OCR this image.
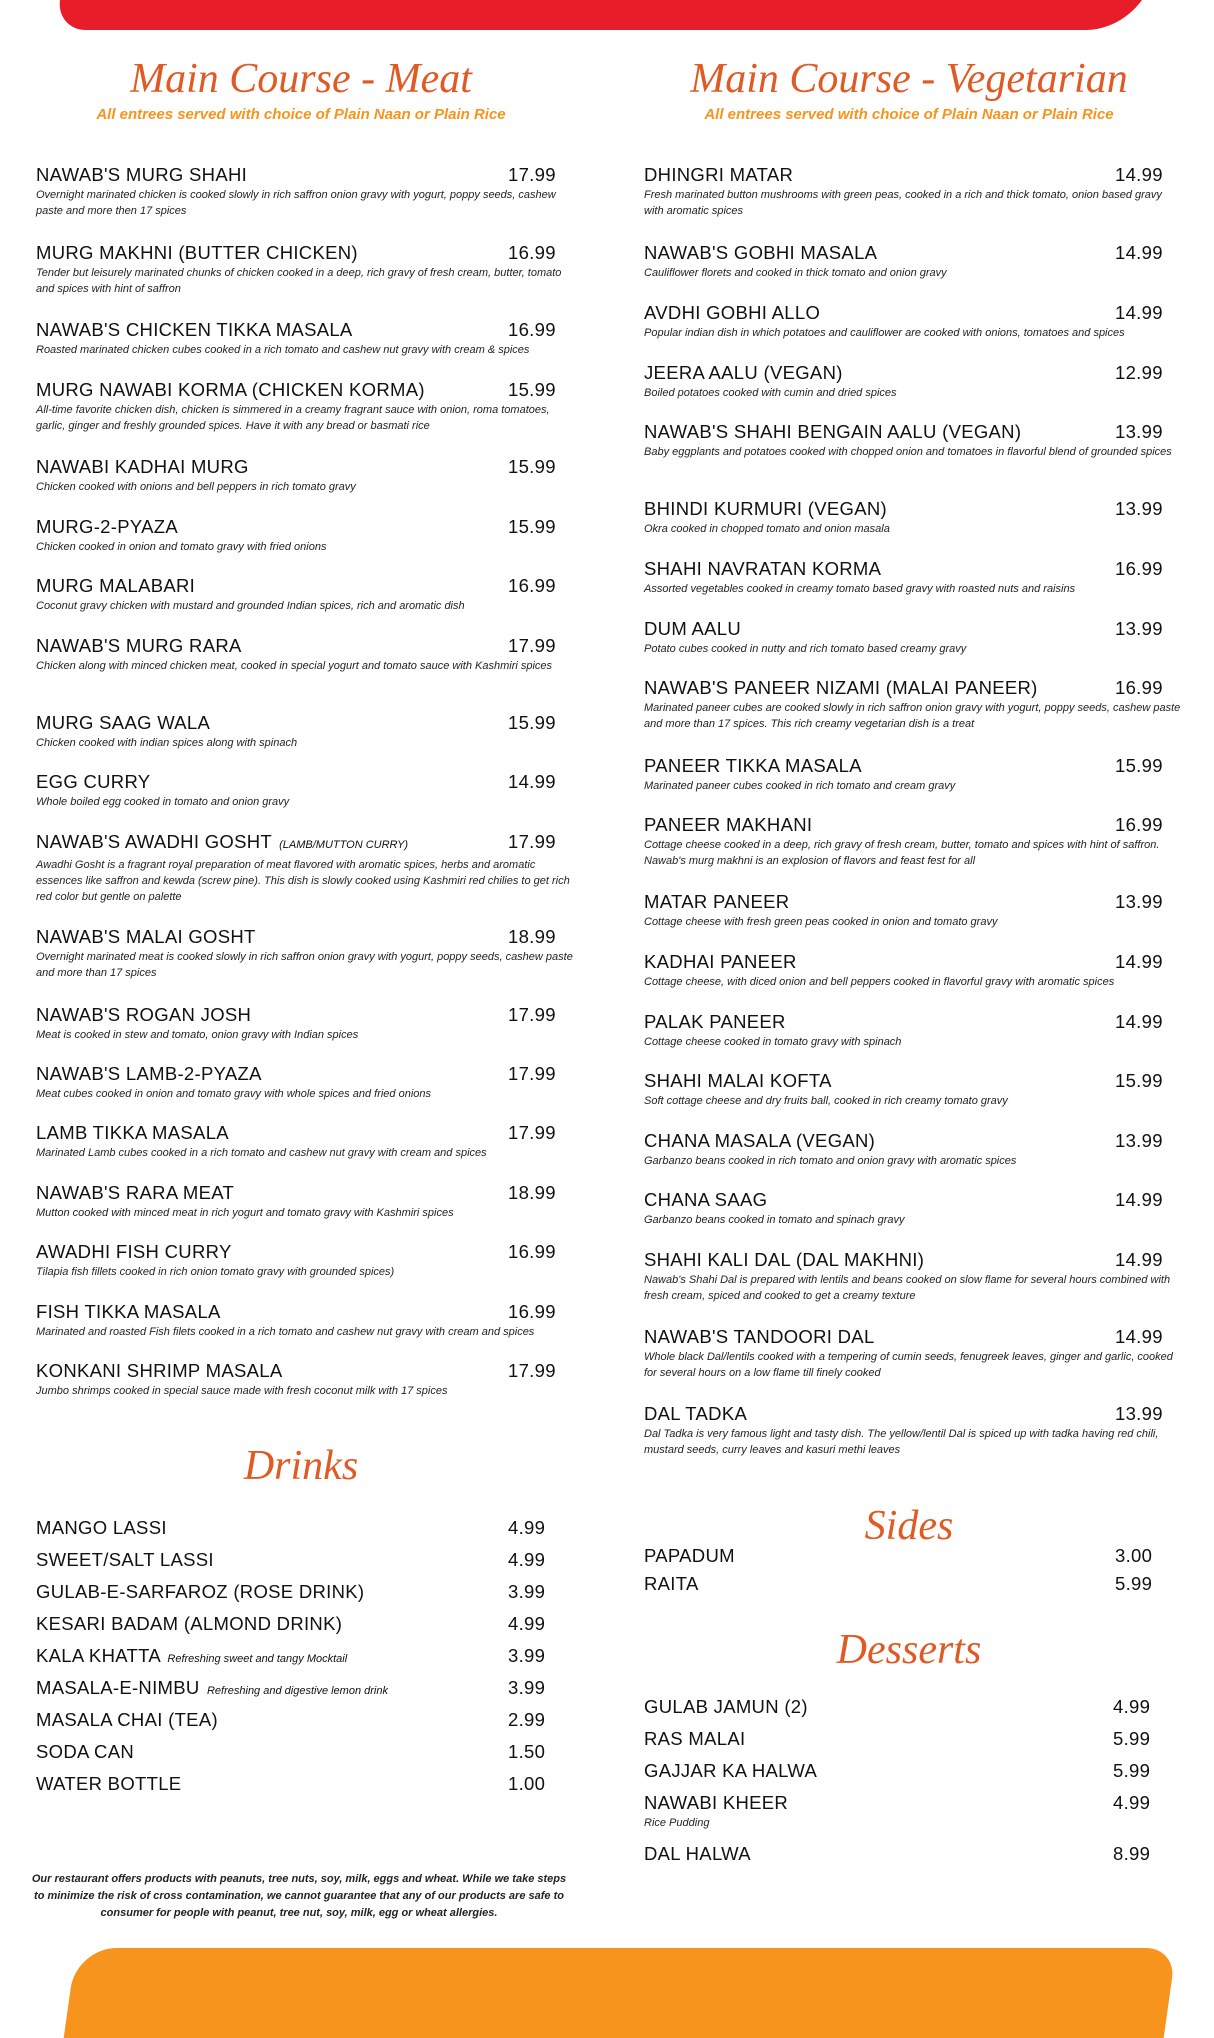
Main Course - Meat

All entrees served with choice of Plain Naan or Plain Rice

NAWAB'S MURG SHAHI	17.99
Overnight marinated chicken is cooked slowly in rich saffron onion gravy with yogurt, poppy seeds, cashew paste and more then 17 spices
MURG MAKHNI (BUTTER CHICKEN)	16.99
Tender but leisurely marinated chunks of chicken cooked in a deep, rich gravy of fresh cream, butter, tomato and spices with hint of saffron
NAWAB'S CHICKEN TIKKA MASALA	16.99
Roasted marinated chicken cubes cooked in a rich tomato and cashew nut gravy with cream & spices
MURG NAWABI KORMA (CHICKEN KORMA)	15.99
All-time favorite chicken dish, chicken is simmered in a creamy fragrant sauce with onion, roma tomatoes, garlic, ginger and freshly grounded spices. Have it with any bread or basmati rice
NAWABI KADHAI MURG	15.99
Chicken cooked with onions and bell peppers in rich tomato gravy
MURG-2-PYAZA	15.99
Chicken cooked in onion and tomato gravy with fried onions
MURG MALABARI	16.99
Coconut gravy chicken with mustard and grounded Indian spices, rich and aromatic dish
NAWAB'S MURG RARA	17.99
Chicken along with minced chicken meat, cooked in special yogurt and tomato sauce with Kashmiri spices
MURG SAAG WALA	15.99
Chicken cooked with indian spices along with spinach
EGG CURRY	14.99
Whole boiled egg cooked in tomato and onion gravy
NAWAB'S AWADHI GOSHT (LAMB/MUTTON CURRY)	17.99
Awadhi Gosht is a fragrant royal preparation of meat flavored with aromatic spices, herbs and aromatic essences like saffron and kewda (screw pine). This dish is slowly cooked using Kashmiri red chilies to get rich red color but gentle on palette
NAWAB'S MALAI GOSHT	18.99
Overnight marinated meat is cooked slowly in rich saffron onion gravy with yogurt, poppy seeds, cashew paste and more than 17 spices
NAWAB'S ROGAN JOSH	17.99
Meat is cooked in stew and tomato, onion gravy with Indian spices
NAWAB'S LAMB-2-PYAZA	17.99
Meat cubes cooked in onion and tomato gravy with whole spices and fried onions
LAMB TIKKA MASALA	17.99
Marinated Lamb cubes cooked in a rich tomato and cashew nut gravy with cream and spices
NAWAB'S RARA MEAT	18.99
Mutton cooked with minced meat in rich yogurt and tomato gravy with Kashmiri spices
AWADHI FISH CURRY	16.99
Tilapia fish fillets cooked in rich onion tomato gravy with grounded spices)
FISH TIKKA MASALA	16.99
Marinated and roasted Fish filets cooked in a rich tomato and cashew nut gravy with cream and spices
KONKANI SHRIMP MASALA	17.99
Jumbo shrimps cooked in special sauce made with fresh coconut milk with 17 spices
Drinks
MANGO LASSI	4.99
SWEET/SALT LASSI	4.99
GULAB-E-SARFAROZ (ROSE DRINK)	3.99
KESARI BADAM (ALMOND DRINK)	4.99
KALA KHATTA Refreshing sweet and tangy Mocktail	3.99
MASALA-E-NIMBU Refreshing and digestive lemon drink	3.99
MASALA CHAI (TEA)	2.99
SODA CAN	1.50
WATER BOTTLE	1.00
Main Course - Vegetarian

All entrees served with choice of Plain Naan or Plain Rice

DHINGRI MATAR	14.99
Fresh marinated button mushrooms with green peas, cooked in a rich and thick tomato, onion based gravy with aromatic spices
NAWAB'S GOBHI MASALA	14.99
Cauliflower florets and cooked in thick tomato and onion gravy
AVDHI GOBHI ALLO	14.99
Popular indian dish in which potatoes and cauliflower are cooked with onions, tomatoes and spices
JEERA AALU (VEGAN)	12.99
Boiled potatoes cooked with cumin and dried spices
NAWAB'S SHAHI BENGAIN AALU (VEGAN)	13.99
Baby eggplants and potatoes cooked with chopped onion and tomatoes in flavorful blend of grounded spices
BHINDI KURMURI (VEGAN)	13.99
Okra cooked in chopped tomato and onion masala
SHAHI NAVRATAN KORMA	16.99
Assorted vegetables cooked in creamy tomato based gravy with roasted nuts and raisins
DUM AALU	13.99
Potato cubes cooked in nutty and rich tomato based creamy gravy
NAWAB'S PANEER NIZAMI (MALAI PANEER)	16.99
Marinated paneer cubes are cooked slowly in rich saffron onion gravy with yogurt, poppy seeds, cashew paste and more than 17 spices. This rich creamy vegetarian dish is a treat
PANEER TIKKA MASALA	15.99
Marinated paneer cubes cooked in rich tomato and cream gravy
PANEER MAKHANI	16.99
Cottage cheese cooked in a deep, rich gravy of fresh cream, butter, tomato and spices with hint of saffron. Nawab's murg makhni is an explosion of flavors and feast fest for all
MATAR PANEER	13.99
Cottage cheese with fresh green peas cooked in onion and tomato gravy
KADHAI PANEER	14.99
Cottage cheese, with diced onion and bell peppers cooked in flavorful gravy with aromatic spices
PALAK PANEER	14.99
Cottage cheese cooked in tomato gravy with spinach
SHAHI MALAI KOFTA	15.99
Soft cottage cheese and dry fruits ball, cooked in rich creamy tomato gravy
CHANA MASALA (VEGAN)	13.99
Garbanzo beans cooked in rich tomato and onion gravy with aromatic spices
CHANA SAAG	14.99
Garbanzo beans cooked in tomato and spinach gravy
SHAHI KALI DAL (DAL MAKHNI)	14.99
Nawab's Shahi Dal is prepared with lentils and beans cooked on slow flame for several hours combined with fresh cream, spiced and cooked to get a creamy texture
NAWAB'S TANDOORI DAL	14.99
Whole black Dal/lentils cooked with a tempering of cumin seeds, fenugreek leaves, ginger and garlic, cooked for several hours on a low flame till finely cooked
DAL TADKA	13.99
Dal Tadka is very famous light and tasty dish. The yellow/lentil Dal is spiced up with tadka having red chili, mustard seeds, curry leaves and kasuri methi leaves
Sides
PAPADUM	3.00
RAITA	5.99
Desserts
GULAB JAMUN (2)	4.99
RAS MALAI	5.99
GAJJAR KA HALWA	5.99
NAWABI KHEER	4.99
Rice Pudding
DAL HALWA	8.99

Our restaurant offers products with peanuts, tree nuts, soy, milk, eggs and wheat. While we take steps to minimize the risk of cross contamination, we cannot guarantee that any of our products are safe to consumer for people with peanut, tree nut, soy, milk, egg or wheat allergies.
